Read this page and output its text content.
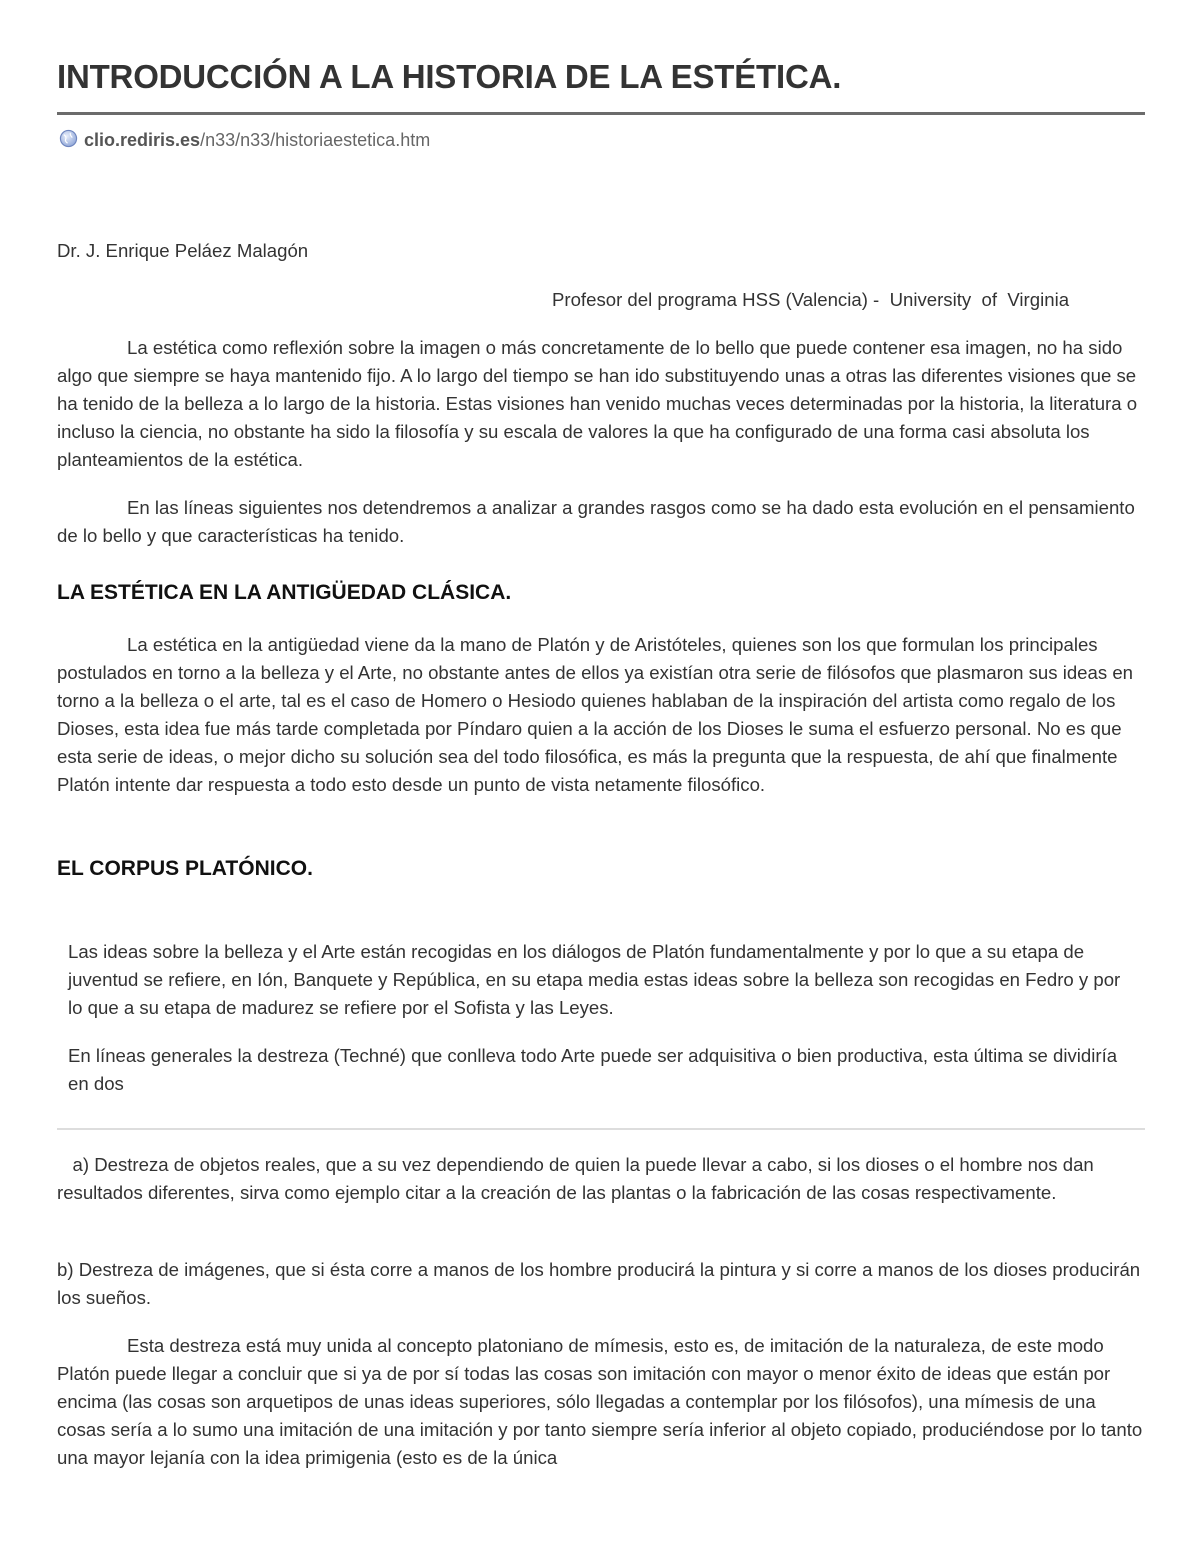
INTRODUCCIÓN A LA HISTORIA DE LA ESTÉTICA.
clio.rediris.es/n33/n33/historiaestetica.htm

Dr. J. Enrique Peláez Malagón

Profesor del programa HSS (Valencia) -  University  of  Virginia

La estética como reflexión sobre la imagen o más concretamente de lo bello que puede contener esa imagen, no ha sido algo que siempre se haya mantenido fijo. A lo largo del tiempo se han ido substituyendo unas a otras las diferentes visiones que se ha tenido de la belleza a lo largo de la historia. Estas visiones han venido muchas veces determinadas por la historia, la literatura o incluso la ciencia, no obstante ha sido la filosofía y su escala de valores la que ha configurado de una forma casi absoluta los planteamientos de la estética.

En las líneas siguientes nos detendremos a analizar a grandes rasgos como se ha dado esta evolución en el pensamiento de lo bello y que características ha tenido.

LA ESTÉTICA EN LA ANTIGÜEDAD CLÁSICA.

La estética en la antigüedad viene da la mano de Platón y de Aristóteles, quienes son los que formulan los principales postulados en torno a la belleza y el Arte, no obstante antes de ellos ya existían otra serie de filósofos que plasmaron sus ideas en torno a la belleza o el arte, tal es el caso de Homero o Hesiodo quienes hablaban de la inspiración del artista como regalo de los Dioses, esta idea fue más tarde completada por Píndaro quien a la acción de los Dioses le suma el esfuerzo personal. No es que esta serie de ideas, o mejor dicho su solución sea del todo filosófica, es más la pregunta que la respuesta, de ahí que finalmente Platón intente dar respuesta a todo esto desde un punto de vista netamente filosófico.

EL CORPUS PLATÓNICO.

Las ideas sobre la belleza y el Arte están recogidas en los diálogos de Platón fundamentalmente y por lo que a su etapa de juventud se refiere, en Ión, Banquete y República, en su etapa media estas ideas sobre la belleza son recogidas en Fedro y por lo que a su etapa de madurez se refiere por el Sofista y las Leyes.

En líneas generales la destreza (Techné) que conlleva todo Arte puede ser adquisitiva o bien productiva, esta última se dividiría en dos

a) Destreza de objetos reales, que a su vez dependiendo de quien la puede llevar a cabo, si los dioses o el hombre nos dan resultados diferentes, sirva como ejemplo citar a la creación de las plantas o la fabricación de las cosas respectivamente.

b) Destreza de imágenes, que si ésta corre a manos de los hombre producirá la pintura y si corre a manos de los dioses producirán los sueños.

Esta destreza está muy unida al concepto platoniano de mímesis, esto es, de imitación de la naturaleza, de este modo Platón puede llegar a concluir que si ya de por sí todas las cosas son imitación con mayor o menor éxito de ideas que están por encima (las cosas son arquetipos de unas ideas superiores, sólo llegadas a contemplar por los filósofos), una mímesis de una cosas sería a lo sumo una imitación de una imitación y por tanto siempre sería inferior al objeto copiado, produciéndose por lo tanto una mayor lejanía con la idea primigenia (esto es de la única
